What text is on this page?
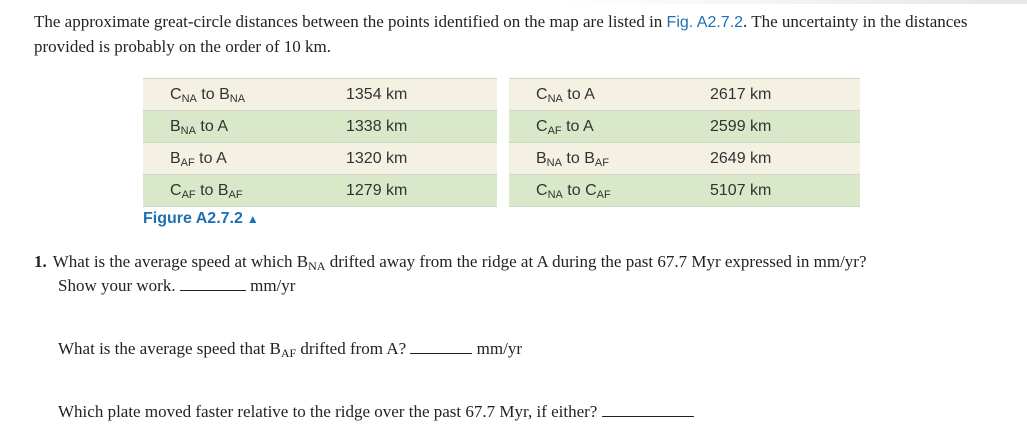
The approximate great-circle distances between the points identified on the map are listed in Fig. A2.7.2. The uncertainty in the distances provided is probably on the order of 10 km.
$C_{NA}$ to $B_{NA}$	1354 km
$B_{NA}$ to A	1338 km
$B_{AF}$ to A	1320 km
$C_{AF}$ to $B_{AF}$	1279 km
$C_{NA}$ to A	2617 km
$C_{AF}$ to A	2599 km
$B_{NA}$ to $B_{AF}$	2649 km
$C_{NA}$ to $C_{AF}$	5107 km
Figure A2.7.2 ▲
1. What is the average speed at which BNA drifted away from the ridge at A during the past 67.7 Myr expressed in mm/yr?
Show your work.	mm/yr
What is the average speed that BAF drifted from A?	mm/yr
Which plate moved faster relative to the ridge over the past 67.7 Myr, if either?
